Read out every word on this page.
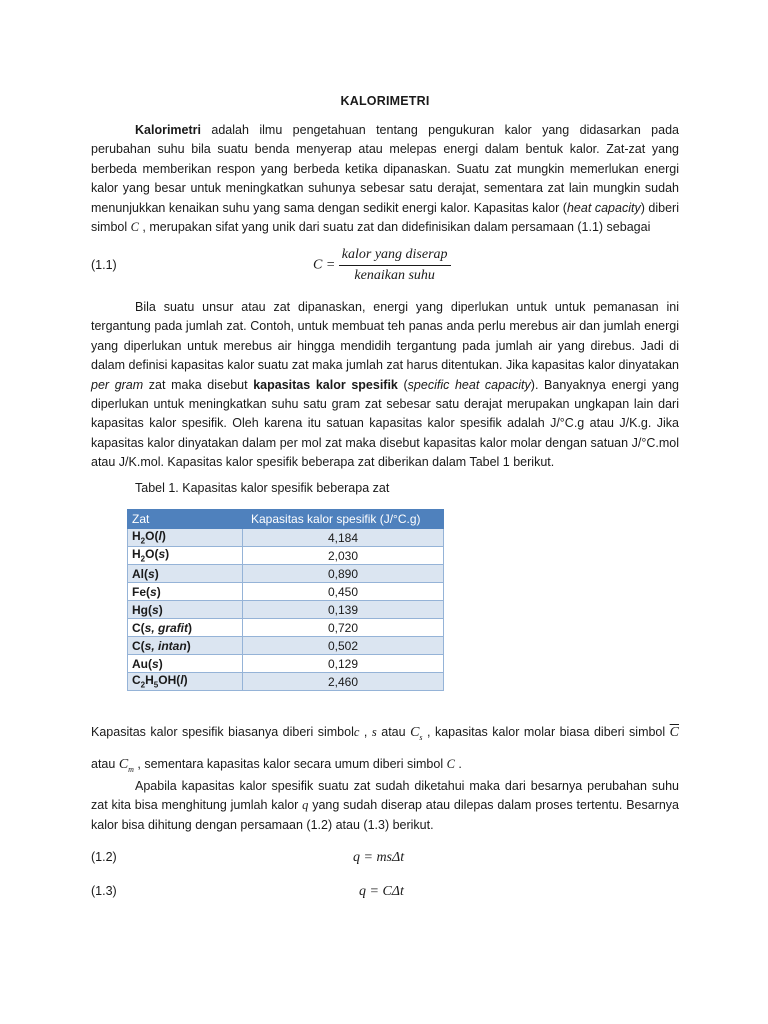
KALORIMETRI

Kalorimetri adalah ilmu pengetahuan tentang pengukuran kalor yang didasarkan pada perubahan suhu bila suatu benda menyerap atau melepas energi dalam bentuk kalor. Zat-zat yang berbeda memberikan respon yang berbeda ketika dipanaskan. Suatu zat mungkin memerlukan energi kalor yang besar untuk meningkatkan suhunya sebesar satu derajat, sementara zat lain mungkin sudah menunjukkan kenaikan suhu yang sama dengan sedikit energi kalor. Kapasitas kalor (heat capacity) diberi simbol C , merupakan sifat yang unik dari suatu zat dan didefinisikan dalam persamaan (1.1) sebagai

(1.1)	$C = \frac{\text{kalor yang diserap}}{\text{kenaikan suhu}}$

Bila suatu unsur atau zat dipanaskan, energi yang diperlukan untuk untuk pemanasan ini tergantung pada jumlah zat. Contoh, untuk membuat teh panas anda perlu merebus air dan jumlah energi yang diperlukan untuk merebus air hingga mendidih tergantung pada jumlah air yang direbus. Jadi di dalam definisi kapasitas kalor suatu zat maka jumlah zat harus ditentukan. Jika kapasitas kalor dinyatakan per gram zat maka disebut kapasitas kalor spesifik (specific heat capacity). Banyaknya energi yang diperlukan untuk meningkatkan suhu satu gram zat sebesar satu derajat merupakan ungkapan lain dari kapasitas kalor spesifik. Oleh karena itu satuan kapasitas kalor spesifik adalah J/°C.g atau J/K.g. Jika kapasitas kalor dinyatakan dalam per mol zat maka disebut kapasitas kalor molar dengan satuan J/°C.mol atau J/K.mol. Kapasitas kalor spesifik beberapa zat diberikan dalam Tabel 1 berikut.

Tabel 1. Kapasitas kalor spesifik beberapa zat
Zat	Kapasitas kalor spesifik (J/°C.g)
$H_2O(l)$	4,184
$H_2O(s)$	2,030
Al(s)	0,890
Fe(s)	0,450
Hg(s)	0,139
C(s, grafit)	0,720
C(s, intan)	0,502
Au(s)	0,129
$C_2H_5OH(l)$	2,460

Kapasitas kalor spesifik biasanya diberi simbolc , s atau $C_s$ , kapasitas kalor molar biasa diberi simbol $\overline{C}$ atau $C_m$ , sementara kapasitas kalor secara umum diberi simbol C .

Apabila kapasitas kalor spesifik suatu zat sudah diketahui maka dari besarnya perubahan suhu zat kita bisa menghitung jumlah kalor q yang sudah diserap atau dilepas dalam proses tertentu. Besarnya kalor bisa dihitung dengan persamaan (1.2) atau (1.3) berikut.

(1.2)	q = msΔt
(1.3)	q = CΔt
